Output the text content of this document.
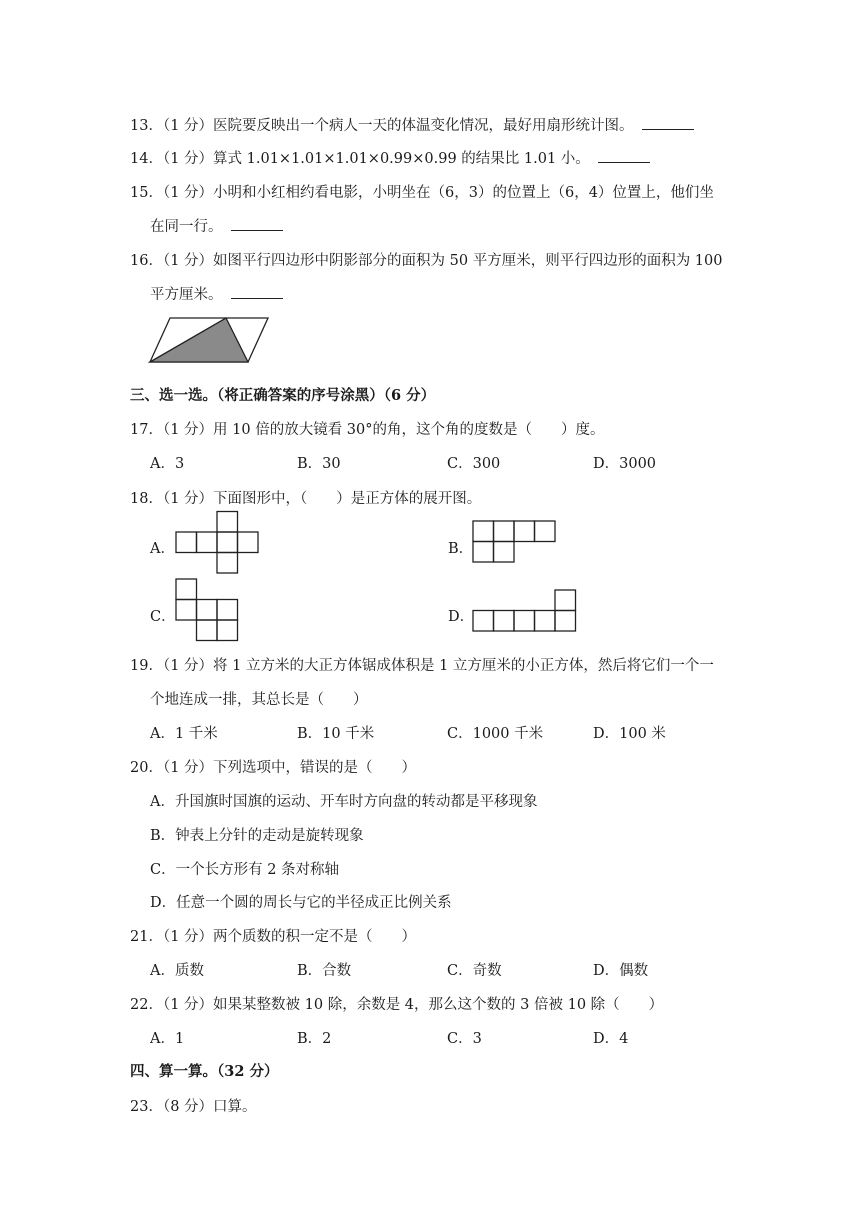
13．（1 分）医院要反映出一个病人一天的体温变化情况，最好用扇形统计图。
14．（1 分）算式 1.01×1.01×1.01×0.99×0.99 的结果比 1.01 小。
15．（1 分）小明和小红相约看电影，小明坐在（6，3）的位置上（6，4）位置上，他们坐
在同一行。
16．（1 分）如图平行四边形中阴影部分的面积为 50 平方厘米，则平行四边形的面积为 100
平方厘米。
三、选一选。（将正确答案的序号涂黑）（6 分）
17．（1 分）用 10 倍的放大镜看 30°的角，这个角的度数是（　　）度。
A．3	B．30	C．300	D．3000
18．（1 分）下面图形中，（　　）是正方体的展开图。
A．	B．
C．	D．
19．（1 分）将 1 立方米的大正方体锯成体积是 1 立方厘米的小正方体，然后将它们一个一
个地连成一排，其总长是（　　）
A．1 千米	B．10 千米	C．1000 千米	D．100 米
20．（1 分）下列选项中，错误的是（　　）
A．升国旗时国旗的运动、开车时方向盘的转动都是平移现象
B．钟表上分针的走动是旋转现象
C．一个长方形有 2 条对称轴
D．任意一个圆的周长与它的半径成正比例关系
21．（1 分）两个质数的积一定不是（　　）
A．质数	B．合数	C．奇数	D．偶数
22．（1 分）如果某整数被 10 除，余数是 4，那么这个数的 3 倍被 10 除（　　）
A．1	B．2	C．3	D．4
四、算一算。（32 分）
23．（8 分）口算。
